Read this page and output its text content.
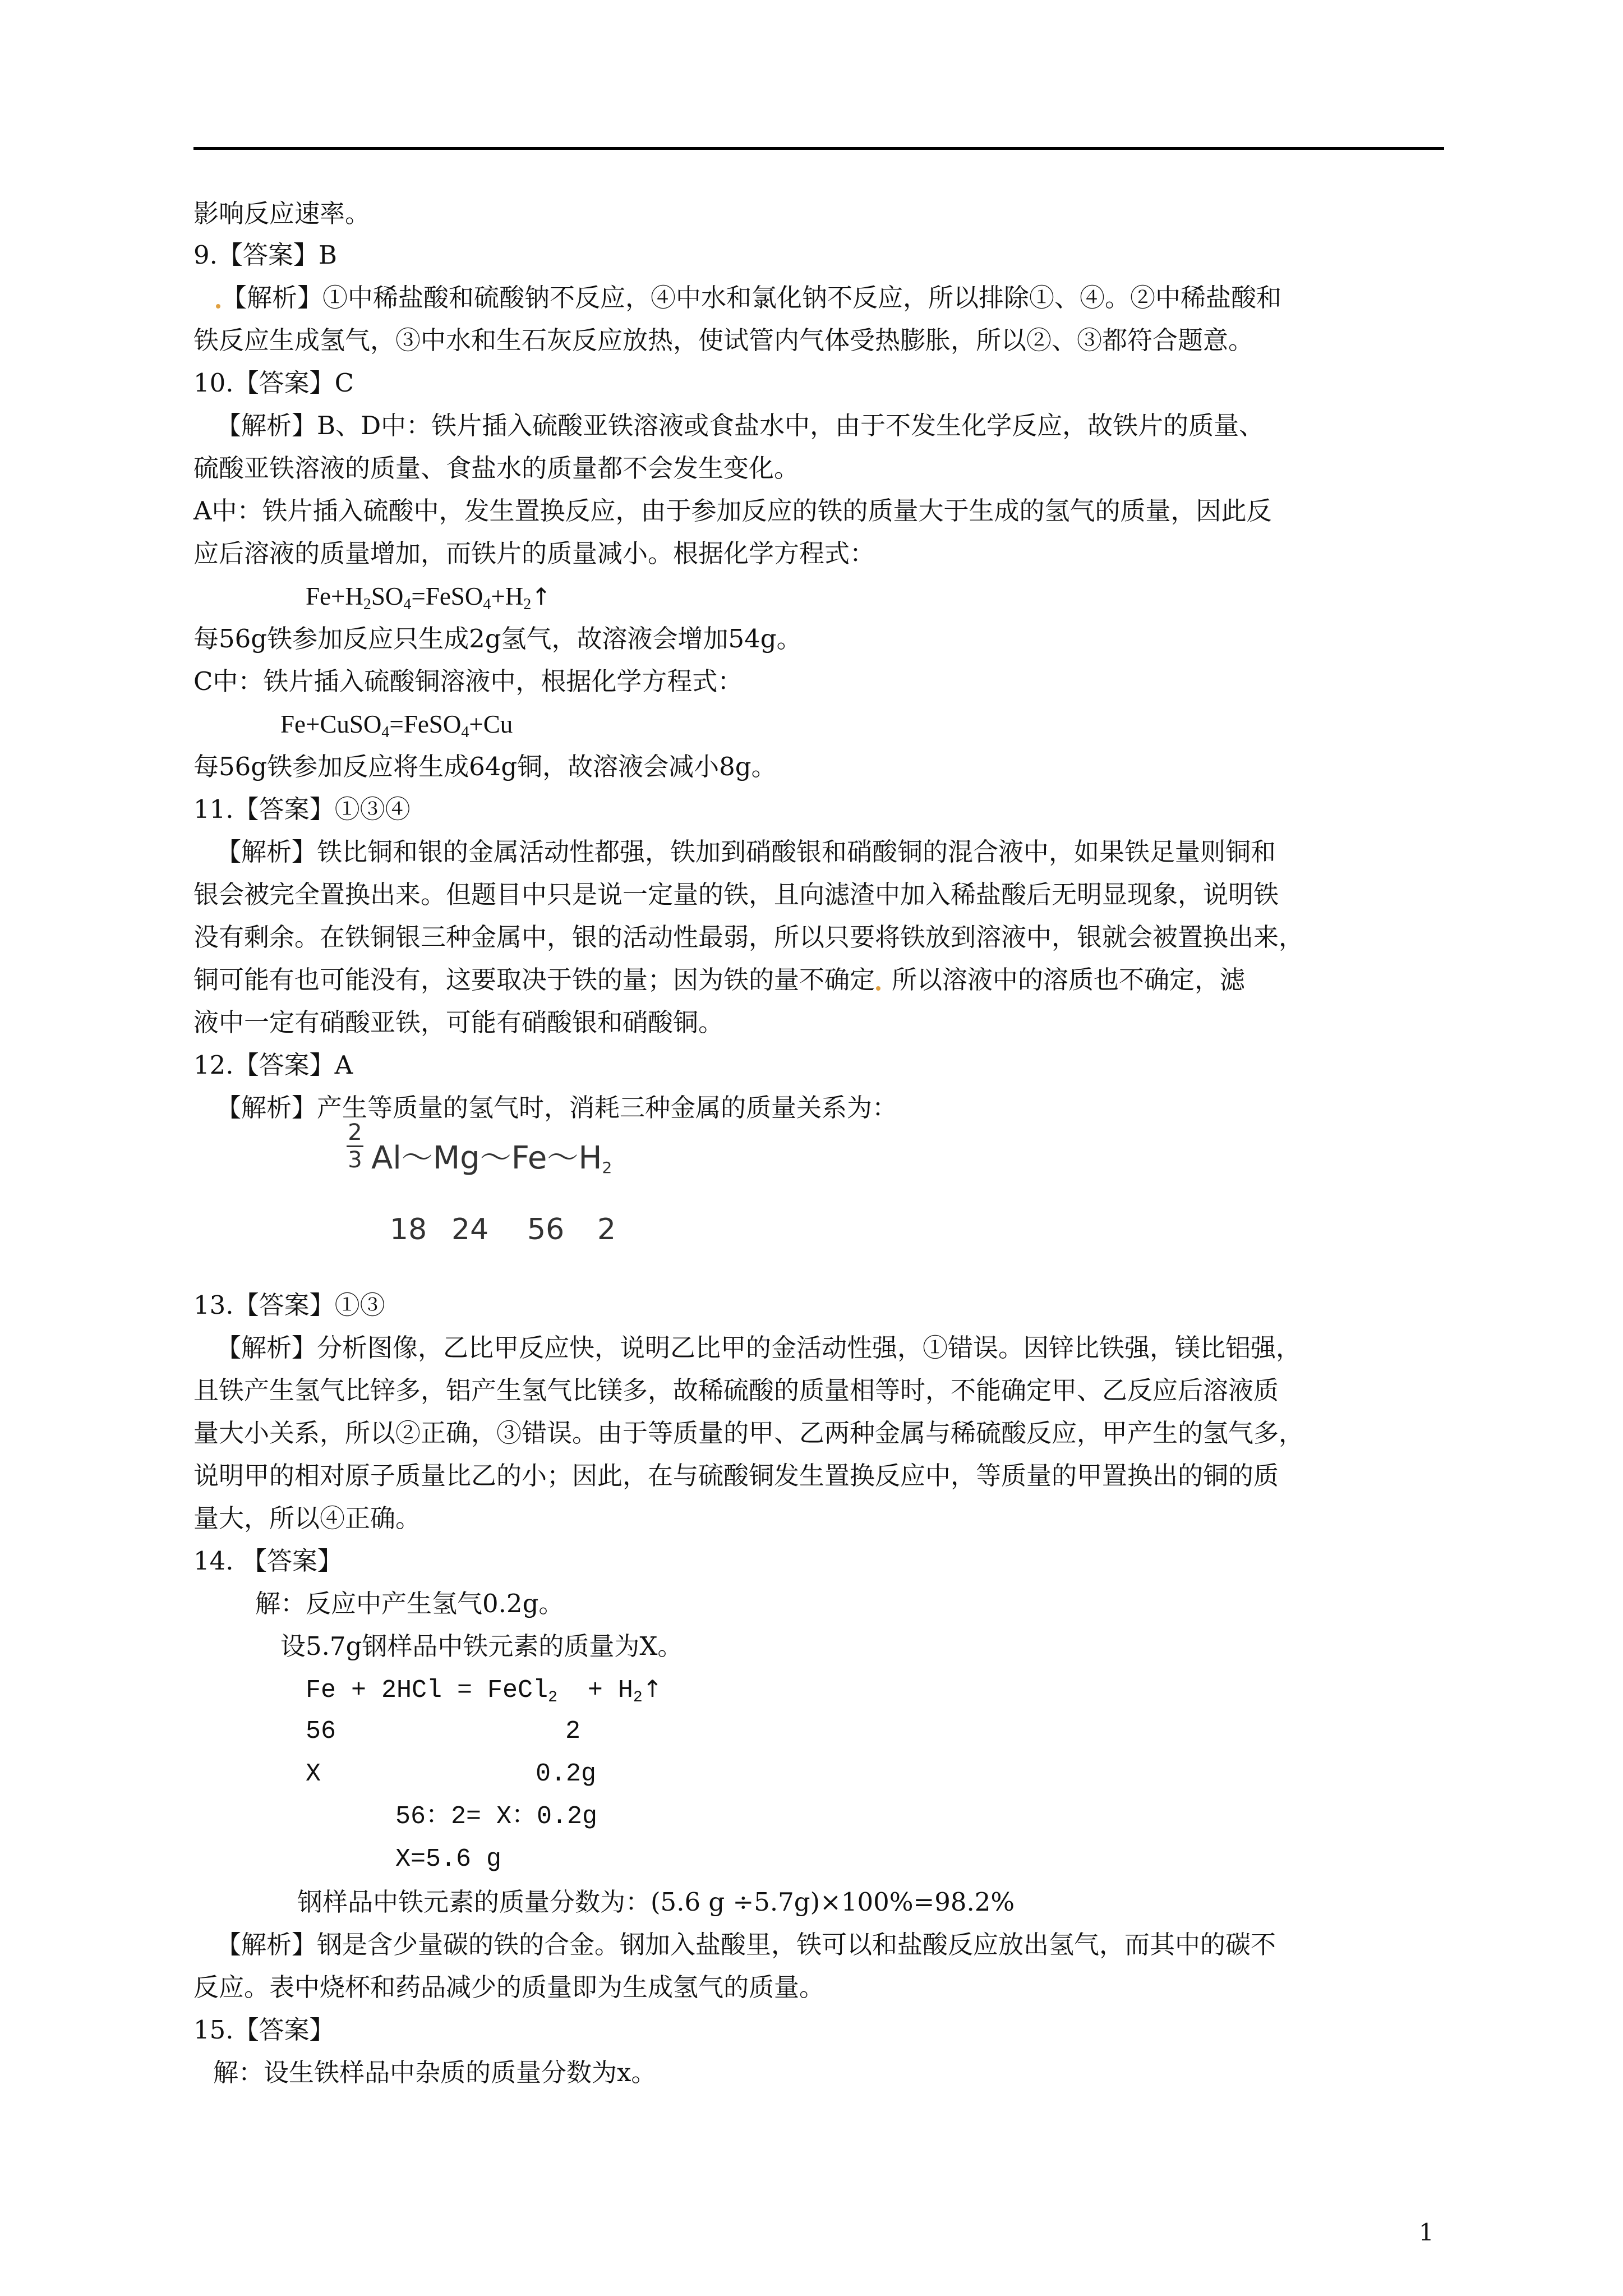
影响反应速率。
9.【答案】B
【解析】①中稀盐酸和硫酸钠不反应，④中水和氯化钠不反应，所以排除①、④。②中稀盐酸和
铁反应生成氢气，③中水和生石灰反应放热，使试管内气体受热膨胀，所以②、③都符合题意。
10.【答案】C
【解析】B、D中：铁片插入硫酸亚铁溶液或食盐水中，由于不发生化学反应，故铁片的质量、
硫酸亚铁溶液的质量、食盐水的质量都不会发生变化。
A中：铁片插入硫酸中，发生置换反应，由于参加反应的铁的质量大于生成的氢气的质量，因此反
应后溶液的质量增加，而铁片的质量减小。根据化学方程式：
$Fe+H_2SO_4=FeSO_4+H_2↑$
每56g铁参加反应只生成2g氢气，故溶液会增加54g。
C中：铁片插入硫酸铜溶液中，根据化学方程式：
Fe+CuSO$_4$=FeSO$_4$+Cu
每56g铁参加反应将生成64g铜，故溶液会减小8g。
11.【答案】①③④
【解析】铁比铜和银的金属活动性都强，铁加到硝酸银和硝酸铜的混合液中，如果铁足量则铜和
银会被完全置换出来。但题目中只是说一定量的铁，且向滤渣中加入稀盐酸后无明显现象，说明铁
没有剩余。在铁铜银三种金属中，银的活动性最弱，所以只要将铁放到溶液中，银就会被置换出来，
铜可能有也可能没有，这要取决于铁的量；因为铁的量不确定 所以溶液中的溶质也不确定，滤
液中一定有硝酸亚铁，可能有硝酸银和硝酸铜。
12.【答案】A
【解析】产生等质量的氢气时，消耗三种金属的质量关系为：
2
3 $Al\sim Mg\sim Fe\sim H_2$
18 24 56 2
13.【答案】①③
【解析】分析图像，乙比甲反应快，说明乙比甲的金活动性强，①错误。因锌比铁强，镁比铝强，
且铁产生氢气比锌多，铝产生氢气比镁多，故稀硫酸的质量相等时，不能确定甲、乙反应后溶液质
量大小关系，所以②正确，③错误。由于等质量的甲、乙两种金属与稀硫酸反应，甲产生的氢气多，
说明甲的相对原子质量比乙的小；因此，在与硫酸铜发生置换反应中，等质量的甲置换出的铜的质
量大，所以④正确。
14. 【答案】
解：反应中产生氢气0.2g。
设5.7g钢样品中铁元素的质量为X。
Fe + 2HCl = FeCl$_2$  + $H_2↑$
56	2
X	0.2g
56：2= X：0.2g
X=5.6 g
钢样品中铁元素的质量分数为：(5.6 g ÷5.7g)×100%=98.2%
【解析】钢是含少量碳的铁的合金。钢加入盐酸里，铁可以和盐酸反应放出氢气，而其中的碳不
反应。表中烧杯和药品减少的质量即为生成氢气的质量。
15.【答案】
解：设生铁样品中杂质的质量分数为x。
1
